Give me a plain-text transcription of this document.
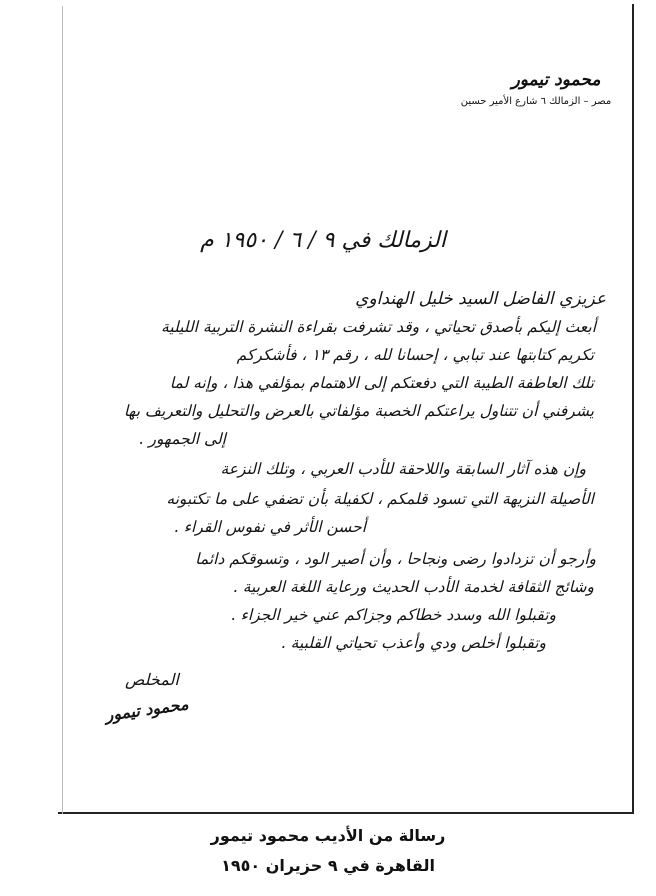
محمود تيمور
مصر – الزمالك ٦ شارع الأمير حسين
الزمالك في ٩ / ٦ / ١٩٥٠ م
عزيزي الفاضل السيد خليل الهنداوي
أبعث إليكم بأصدق تحياتي ، وقد تشرفت بقراءة النشرة التربية الليلية
تكريم كتابتها عند تبابي ، إحسانا لله ، رقم ١٣ ، فأشكركم
تلك العاطفة الطيبة التي دفعتكم إلى الاهتمام بمؤلفي هذا ، وإنه لما
يشرفني أن تتناول يراعتكم الخصبة مؤلفاتي بالعرض والتحليل والتعريف بها
إلى الجمهور .
وإن هذه آثار السابقة واللاحقة للأدب العربي ، وتلك النزعة
الأصيلة النزيهة التي تسود قلمكم ، لكفيلة بأن تضفي على ما تكتبونه
أحسن الأثر في نفوس القراء .
وأرجو أن تزدادوا رضى ونجاحا ، وأن أصير الود ، وتسوقكم دائما
وشائج الثقافة لخدمة الأدب الحديث ورعاية اللغة العربية .
وتقبلوا الله وسدد خطاكم وجزاكم عني خير الجزاء .
وتقبلوا أخلص ودي وأعذب تحياتي القلبية .
المخلص
محمود تيمور
رسالة من الأديب محمود تيمور
القاهرة في ٩ حزيران ١٩٥٠
